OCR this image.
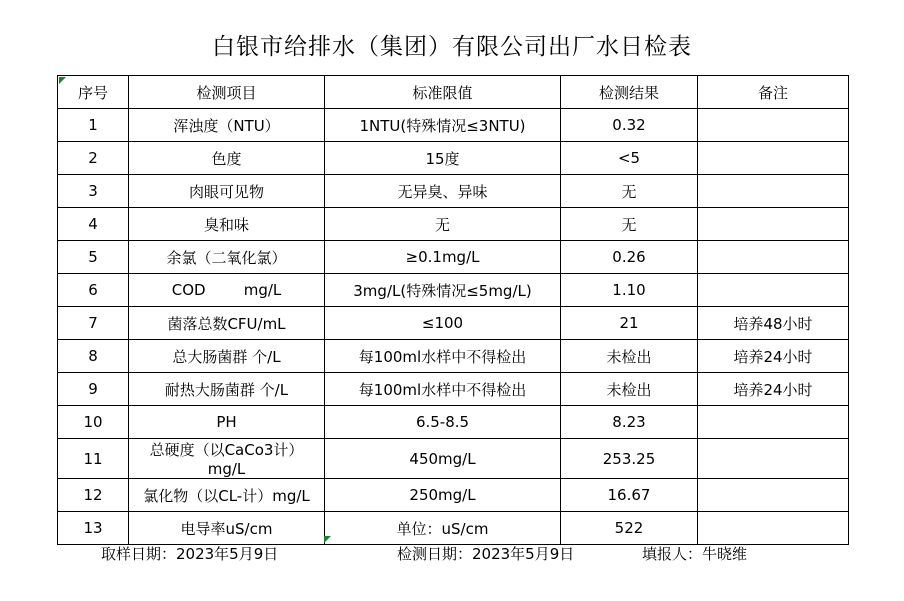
白银市给排水（集团）有限公司出厂水日检表
序号	检测项目	标准限值	检测结果	备注
1	浑浊度（NTU）	1NTU(特殊情况≤3NTU)	0.32	
2	色度	15度	<5	
3	肉眼可见物	无异臭、异味	无	
4	臭和味	无	无	
5	余氯（二氧化氯）	≥0.1mg/L	0.26	
6	COD        mg/L	3mg/L(特殊情况≤5mg/L)	1.10	
7	菌落总数CFU/mL	≤100	21	培养48小时
8	总大肠菌群 个/L	每100ml水样中不得检出	未检出	培养24小时
9	耐热大肠菌群 个/L	每100ml水样中不得检出	未检出	培养24小时
10	PH	6.5-8.5	8.23	
11	总硬度（以CaCo3计）mg/L	450mg/L	253.25	
12	氯化物（以CL-计）mg/L	250mg/L	16.67	
13	电导率uS/cm	单位：uS/cm	522	
取样日期：2023年5月9日	检测日期：2023年5月9日	填报人：牛晓维
